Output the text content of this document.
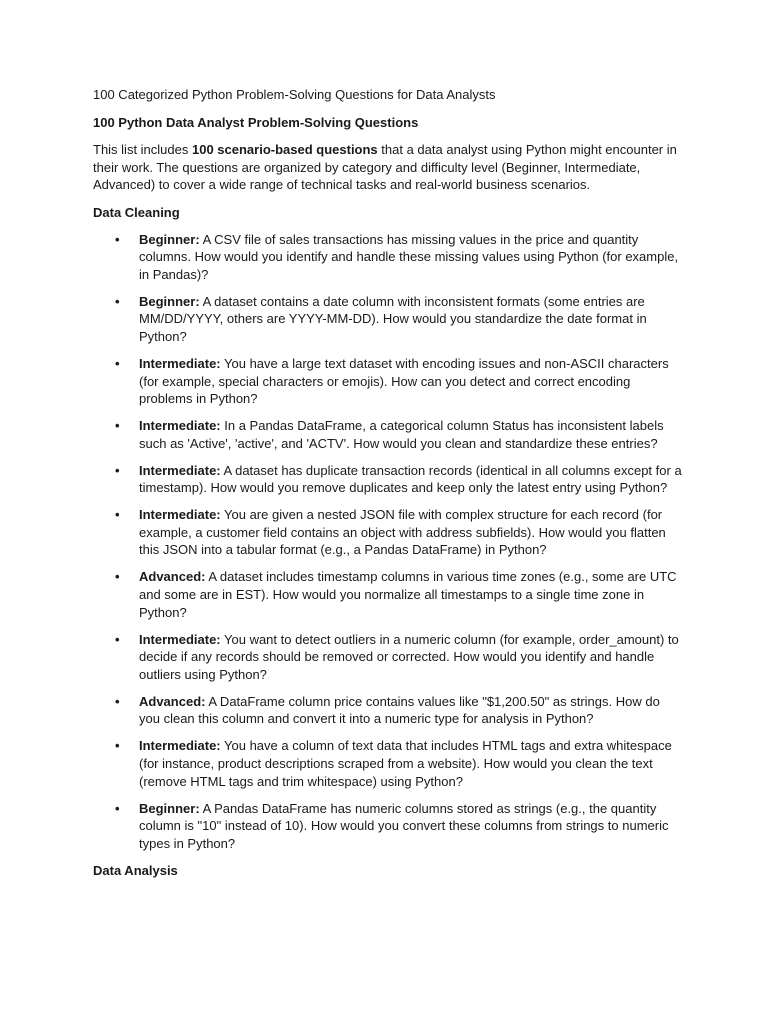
100 Categorized Python Problem-Solving Questions for Data Analysts

100 Python Data Analyst Problem-Solving Questions

This list includes 100 scenario-based questions that a data analyst using Python might encounter in their work. The questions are organized by category and difficulty level (Beginner, Intermediate, Advanced) to cover a wide range of technical tasks and real-world business scenarios.

Data Cleaning

• Beginner: A CSV file of sales transactions has missing values in the price and quantity columns. How would you identify and handle these missing values using Python (for example, in Pandas)?
• Beginner: A dataset contains a date column with inconsistent formats (some entries are MM/DD/YYYY, others are YYYY-MM-DD). How would you standardize the date format in Python?
• Intermediate: You have a large text dataset with encoding issues and non-ASCII characters (for example, special characters or emojis). How can you detect and correct encoding problems in Python?
• Intermediate: In a Pandas DataFrame, a categorical column Status has inconsistent labels such as 'Active', 'active', and 'ACTV'. How would you clean and standardize these entries?
• Intermediate: A dataset has duplicate transaction records (identical in all columns except for a timestamp). How would you remove duplicates and keep only the latest entry using Python?
• Intermediate: You are given a nested JSON file with complex structure for each record (for example, a customer field contains an object with address subfields). How would you flatten this JSON into a tabular format (e.g., a Pandas DataFrame) in Python?
• Advanced: A dataset includes timestamp columns in various time zones (e.g., some are UTC and some are in EST). How would you normalize all timestamps to a single time zone in Python?
• Intermediate: You want to detect outliers in a numeric column (for example, order_amount) to decide if any records should be removed or corrected. How would you identify and handle outliers using Python?
• Advanced: A DataFrame column price contains values like "$1,200.50" as strings. How do you clean this column and convert it into a numeric type for analysis in Python?
• Intermediate: You have a column of text data that includes HTML tags and extra whitespace (for instance, product descriptions scraped from a website). How would you clean the text (remove HTML tags and trim whitespace) using Python?
• Beginner: A Pandas DataFrame has numeric columns stored as strings (e.g., the quantity column is "10" instead of 10). How would you convert these columns from strings to numeric types in Python?

Data Analysis
